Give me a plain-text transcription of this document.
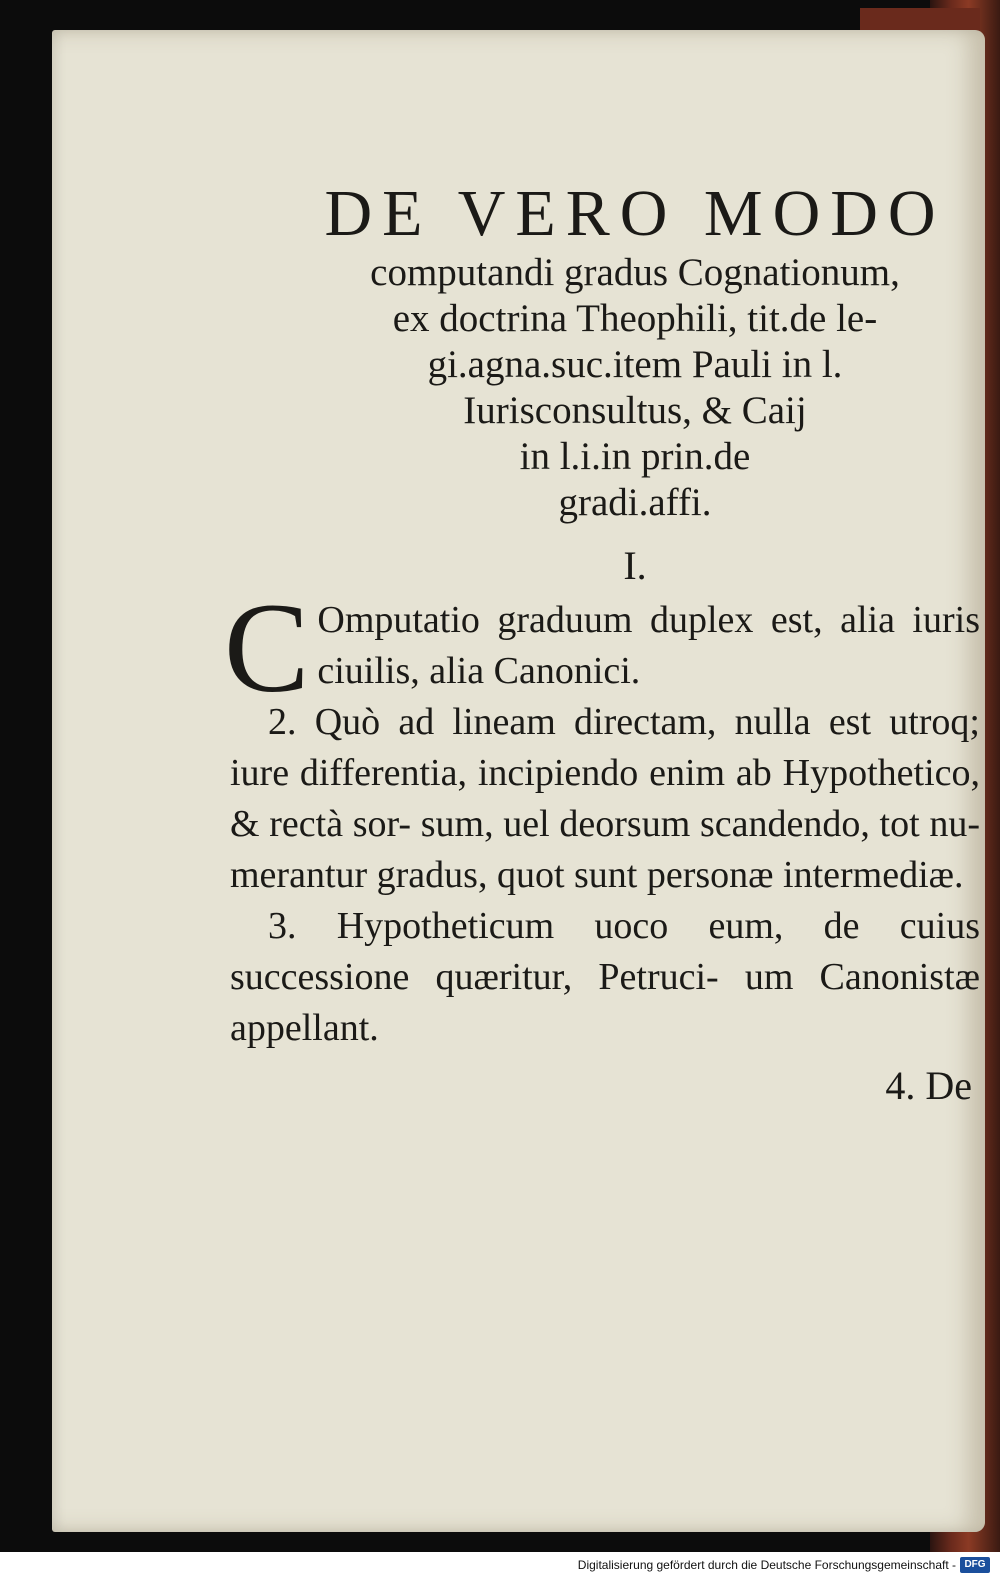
DE VERO MODO

computandi gradus Cognationum,

ex doctrina Theophili, tit.de le-

gi.agna.suc.item Pauli in l.

Iurisconsultus, & Caij

in l.i.in prin.de

gradi.affi.

I.

C Omputatio graduum duplex est, alia iuris ciuilis, alia Canonici.

2. Quò ad lineam directam, nulla est utroq; iure differentia, incipiendo enim ab Hypothetico, & rectà sor- sum, uel deorsum scandendo, tot nu- merantur gradus, quot sunt personæ intermediæ.

3. Hypotheticum uoco eum, de cuius successione quæritur, Petruci- um Canonistæ appellant.

4. De
Digitalisierung gefördert durch die Deutsche Forschungsgemeinschaft - DFG
